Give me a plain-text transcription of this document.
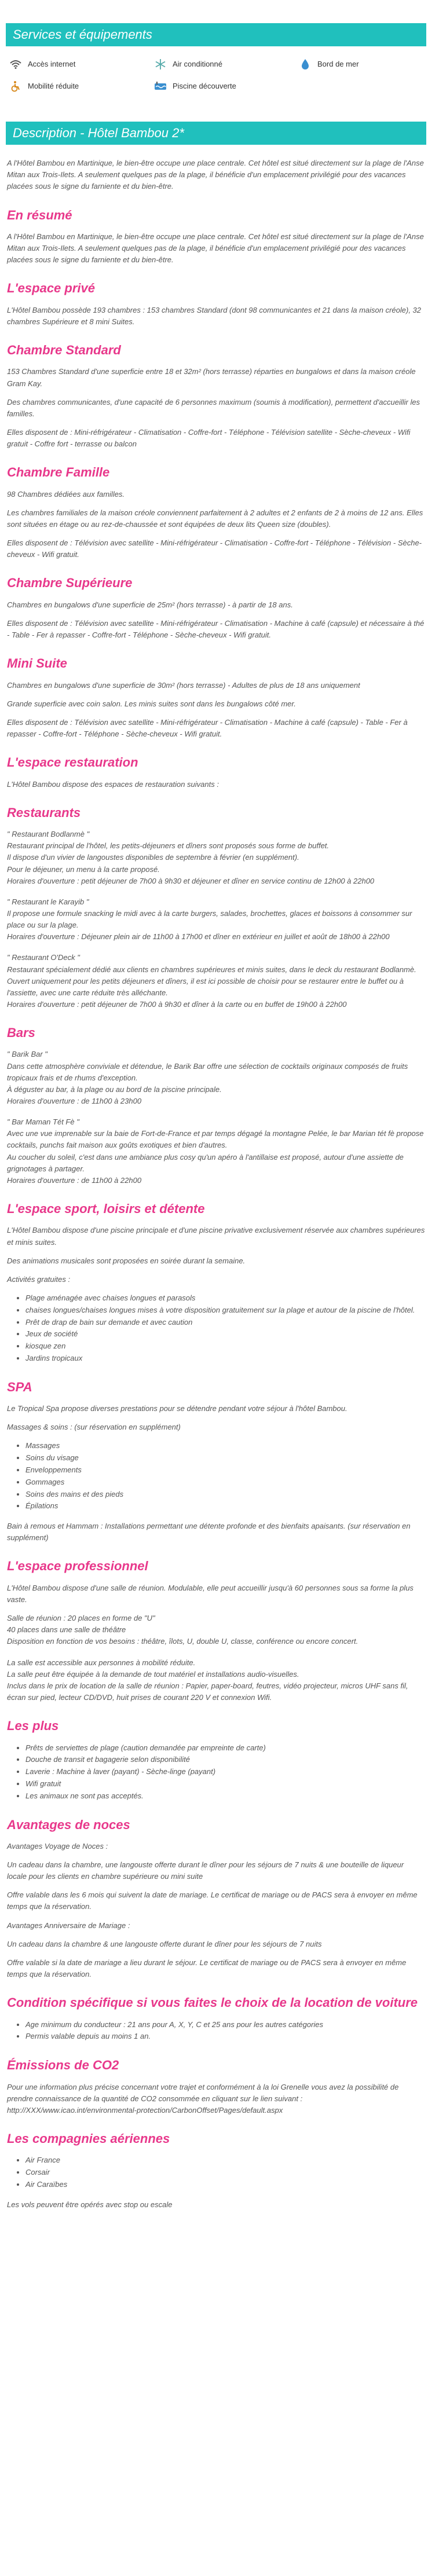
Services et équipements
Accès internet	Air conditionné	Bord de mer
Mobilité réduite	Piscine découverte
Description - Hôtel Bambou 2*

A l'Hôtel Bambou en Martinique, le bien-être occupe une place centrale. Cet hôtel est situé directement sur la plage de l'Anse Mitan aux Trois-Ilets. A seulement quelques pas de la plage, il bénéficie d'un emplacement privilégié pour des vacances placées sous le signe du farniente et du bien-être.

En résumé

A l'Hôtel Bambou en Martinique, le bien-être occupe une place centrale. Cet hôtel est situé directement sur la plage de l'Anse Mitan aux Trois-Ilets. A seulement quelques pas de la plage, il bénéficie d'un emplacement privilégié pour des vacances placées sous le signe du farniente et du bien-être.

L'espace privé

L'Hôtel Bambou possède 193 chambres : 153 chambres Standard (dont 98 communicantes et 21 dans la maison créole), 32 chambres Supérieure et 8 mini Suites.

Chambre Standard

153 Chambres Standard d'une superficie entre 18 et 32m² (hors terrasse) réparties en bungalows et dans la maison créole Gram Kay.

Des chambres communicantes, d'une capacité de 6 personnes maximum (soumis à modification), permettent d'accueillir les familles.

Elles disposent de : Mini-réfrigérateur - Climatisation - Coffre-fort - Téléphone - Télévision satellite - Sèche-cheveux - Wifi gratuit - Coffre fort - terrasse ou balcon

Chambre Famille

98 Chambres dédiées aux familles.

Les chambres familiales de la maison créole conviennent parfaitement à 2 adultes et 2 enfants de 2 à moins de 12 ans. Elles sont situées en étage ou au rez-de-chaussée et sont équipées de deux lits Queen size (doubles).

Elles disposent de : Télévision avec satellite - Mini-réfrigérateur - Climatisation - Coffre-fort - Téléphone - Télévision - Sèche-cheveux - Wifi gratuit.

Chambre Supérieure

Chambres en bungalows d'une superficie de 25m² (hors terrasse) - à partir de 18 ans.

Elles disposent de : Télévision avec satellite - Mini-réfrigérateur - Climatisation - Machine à café (capsule) et nécessaire à thé - Table - Fer à repasser - Coffre-fort - Téléphone - Sèche-cheveux - Wifi gratuit.

Mini Suite

Chambres en bungalows d'une superficie de 30m² (hors terrasse) - Adultes de plus de 18 ans uniquement

Grande superficie avec coin salon. Les minis suites sont dans les bungalows côté mer.

Elles disposent de : Télévision avec satellite - Mini-réfrigérateur - Climatisation - Machine à café (capsule) - Table - Fer à repasser - Coffre-fort - Téléphone - Sèche-cheveux - Wifi gratuit.

L'espace restauration

L'Hôtel Bambou dispose des espaces de restauration suivants :

Restaurants

" Restaurant Bodlanmè "

Restaurant principal de l'hôtel, les petits-déjeuners et dîners sont proposés sous forme de buffet.

Il dispose d'un vivier de langoustes disponibles de septembre à février (en supplément).

Pour le déjeuner, un menu à la carte proposé.

Horaires d'ouverture : petit déjeuner de 7h00 à 9h30 et déjeuner et dîner en service continu de 12h00 à 22h00

" Restaurant le Karayib "

Il propose une formule snacking le midi avec à la carte burgers, salades, brochettes, glaces et boissons à consommer sur place ou sur la plage.

Horaires d'ouverture : Déjeuner plein air de 11h00 à 17h00 et dîner en extérieur en juillet et août de 18h00 à 22h00

" Restaurant O'Deck "

Restaurant spécialement dédié aux clients en chambres supérieures et minis suites, dans le deck du restaurant Bodlanmè.

Ouvert uniquement pour les petits déjeuners et dîners, il est ici possible de choisir pour se restaurer entre le buffet ou à l'assiette, avec une carte réduite très alléchante.

Horaires d'ouverture : petit déjeuner de 7h00 à 9h30 et dîner à la carte ou en buffet de 19h00 à 22h00

Bars

" Barik Bar "

Dans cette atmosphère conviviale et détendue, le Barik Bar offre une sélection de cocktails originaux composés de fruits tropicaux frais et de rhums d'exception.

À déguster au bar, à la plage ou au bord de la piscine principale.

Horaires d'ouverture : de 11h00 à 23h00

" Bar Maman Tét Fè "

Avec une vue imprenable sur la baie de Fort-de-France et par temps dégagé la montagne Pelée, le bar Marian tét fè propose cocktails, punchs fait maison aux goûts exotiques et bien d'autres.

Au coucher du soleil, c'est dans une ambiance plus cosy qu'un apéro à l'antillaise est proposé, autour d'une assiette de grignotages à partager.

Horaires d'ouverture : de 11h00 à 22h00

L'espace sport, loisirs et détente

L'Hôtel Bambou dispose d'une piscine principale et d'une piscine privative exclusivement réservée aux chambres supérieures et minis suites.

Des animations musicales sont proposées en soirée durant la semaine.

Activités gratuites :

• Plage aménagée avec chaises longues et parasols
• chaises longues/chaises longues mises à votre disposition gratuitement sur la plage et autour de la piscine de l'hôtel.
• Prêt de drap de bain sur demande et avec caution
• Jeux de société
• kiosque zen
• Jardins tropicaux
SPA

Le Tropical Spa propose diverses prestations pour se détendre pendant votre séjour à l'hôtel Bambou.

Massages & soins : (sur réservation en supplément)

• Massages
• Soins du visage
• Enveloppements
• Gommages
• Soins des mains et des pieds
• Épilations

Bain à remous et Hammam : Installations permettant une détente profonde et des bienfaits apaisants. (sur réservation en supplément)

L'espace professionnel

L'Hôtel Bambou dispose d'une salle de réunion. Modulable, elle peut accueillir jusqu'à 60 personnes sous sa forme la plus vaste.

Salle de réunion : 20 places en forme de "U"

40 places dans une salle de théâtre

Disposition en fonction de vos besoins : théâtre, îlots, U, double U, classe, conférence ou encore concert.

La salle est accessible aux personnes à mobilité réduite.

La salle peut être équipée à la demande de tout matériel et installations audio-visuelles.

Inclus dans le prix de location de la salle de réunion : Papier, paper-board, feutres, vidéo projecteur, micros UHF sans fil, écran sur pied, lecteur CD/DVD, huit prises de courant 220 V et connexion Wifi.

Les plus
• Prêts de serviettes de plage (caution demandée par empreinte de carte)
• Douche de transit et bagagerie selon disponibilité
• Laverie : Machine à laver (payant) - Sèche-linge (payant)
• Wifi gratuit
• Les animaux ne sont pas acceptés.
Avantages de noces

Avantages Voyage de Noces :

Un cadeau dans la chambre, une langouste offerte durant le dîner pour les séjours de 7 nuits & une bouteille de liqueur locale pour les clients en chambre supérieure ou mini suite

Offre valable dans les 6 mois qui suivent la date de mariage. Le certificat de mariage ou de PACS sera à envoyer en même temps que la réservation.

Avantages Anniversaire de Mariage :

Un cadeau dans la chambre & une langouste offerte durant le dîner pour les séjours de 7 nuits

Offre valable si la date de mariage a lieu durant le séjour. Le certificat de mariage ou de PACS sera à envoyer en même temps que la réservation.

Condition spécifique si vous faites le choix de la location de voiture
• Age minimum du conducteur : 21 ans pour A, X, Y, C et 25 ans pour les autres catégories
• Permis valable depuis au moins 1 an.
Émissions de CO2

Pour une information plus précise concernant votre trajet et conformément à la loi Grenelle vous avez la possibilité de prendre connaissance de la quantité de CO2 consommée en cliquant sur le lien suivant : http://XXX/www.icao.int/environmental-protection/CarbonOffset/Pages/default.aspx

Les compagnies aériennes
• Air France
• Corsair
• Air Caraïbes

Les vols peuvent être opérés avec stop ou escale
